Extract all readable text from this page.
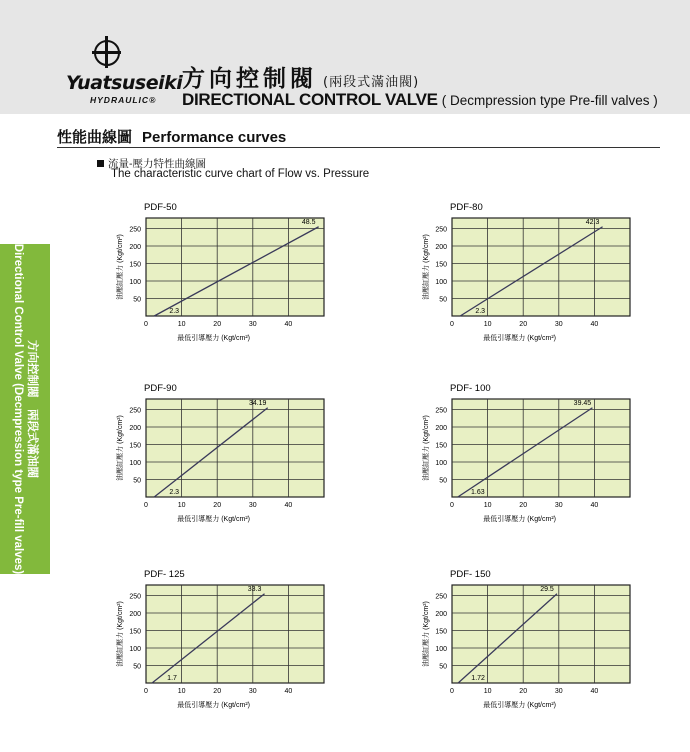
Yuatsuseiki
HYDRAULIC®
方向控制閥 (兩段式滿油閥)
DIRECTIONAL CONTROL VALVE ( Decmpression type Pre-fill valves )
性能曲線圖 Performance curves
流量-壓力特性曲線圖
The characteristic curve chart of Flow vs. Pressure
方向控制閥　兩段式滿油閥
Directional Control Valve (Decmpression type Pre-fill valves)
PDF-50
50
100
150
200
250
0	10	20	30	40
2.3
48.5
最低引導壓力 (Kgt/cm²)
油壓缸壓力 (Kgt/cm²)
PDF-80
50
100
150
200
250
0	10	20	30	40
2.3
42.3
最低引導壓力 (Kgt/cm²)
油壓缸壓力 (Kgt/cm²)
PDF-90
50
100
150
200
250
0	10	20	30	40
2.3
34.19
最低引導壓力 (Kgt/cm²)
油壓缸壓力 (Kgt/cm²)
PDF- 100
50
100
150
200
250
0	10	20	30	40
1.63
39.45
最低引導壓力 (Kgt/cm²)
油壓缸壓力 (Kgt/cm²)
PDF- 125
50
100
150
200
250
0	10	20	30	40
1.7
33.3
最低引導壓力 (Kgt/cm²)
油壓缸壓力 (Kgt/cm²)
PDF- 150
50
100
150
200
250
0	10	20	30	40
1.72
29.5
最低引導壓力 (Kgt/cm²)
油壓缸壓力 (Kgt/cm²)
